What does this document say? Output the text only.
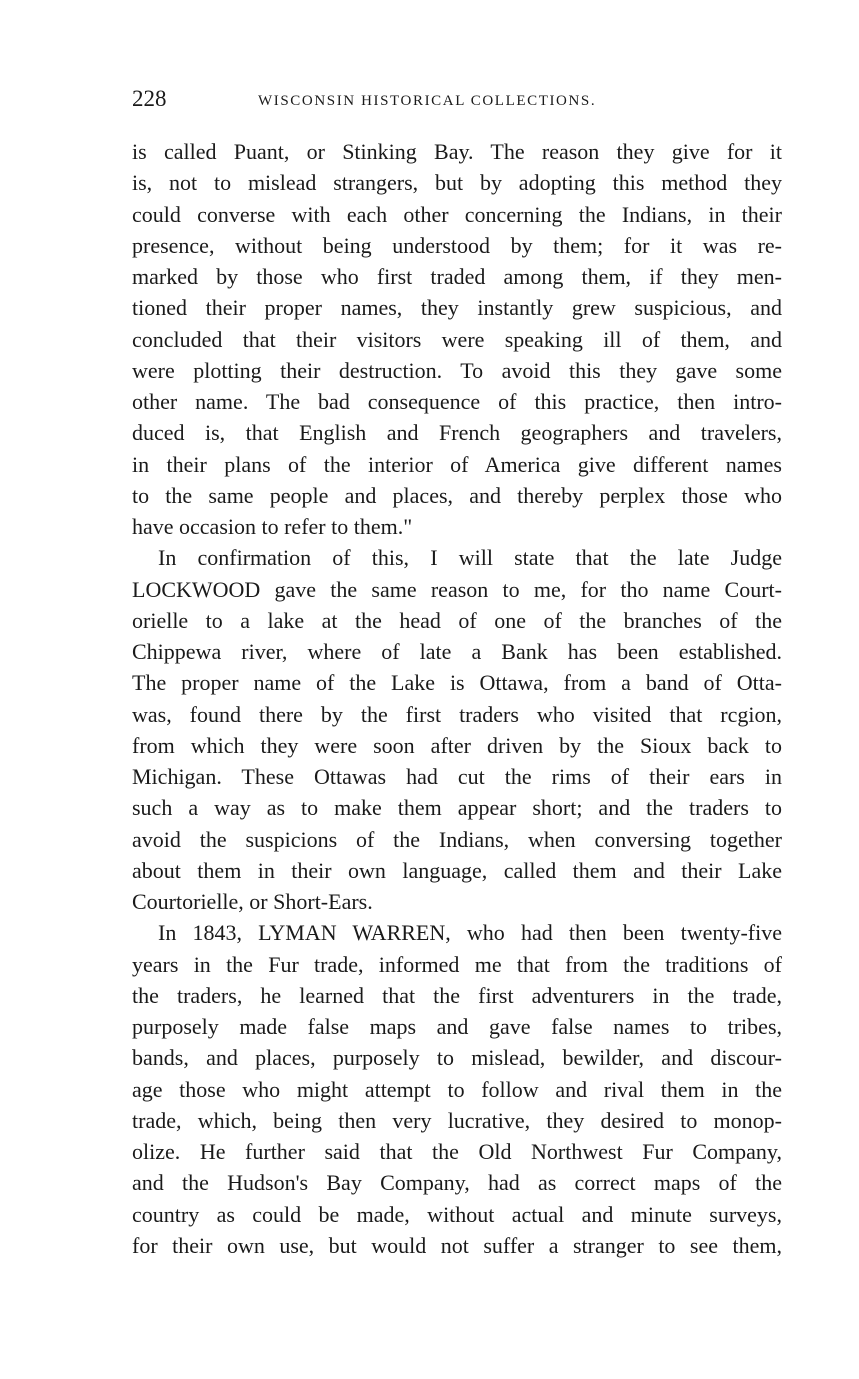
228	WISCONSIN HISTORICAL COLLECTIONS.
is called Puant, or Stinking Bay. The reason they give for it
is, not to mislead strangers, but by adopting this method they
could converse with each other concerning the Indians, in their
presence, without being understood by them; for it was re-
marked by those who first traded among them, if they men-
tioned their proper names, they instantly grew suspicious, and
concluded that their visitors were speaking ill of them, and
were plotting their destruction. To avoid this they gave some
other name. The bad consequence of this practice, then intro-
duced is, that English and French geographers and travelers,
in their plans of the interior of America give different names
to the same people and places, and thereby perplex those who
have occasion to refer to them."
In confirmation of this, I will state that the late Judge
LOCKWOOD gave the same reason to me, for tho name Court-
orielle to a lake at the head of one of the branches of the
Chippewa river, where of late a Bank has been established.
The proper name of the Lake is Ottawa, from a band of Otta-
was, found there by the first traders who visited that rcgion,
from which they were soon after driven by the Sioux back to
Michigan. These Ottawas had cut the rims of their ears in
such a way as to make them appear short; and the traders to
avoid the suspicions of the Indians, when conversing together
about them in their own language, called them and their Lake
Courtorielle, or Short-Ears.
In 1843, LYMAN WARREN, who had then been twenty-five
years in the Fur trade, informed me that from the traditions of
the traders, he learned that the first adventurers in the trade,
purposely made false maps and gave false names to tribes,
bands, and places, purposely to mislead, bewilder, and discour-
age those who might attempt to follow and rival them in the
trade, which, being then very lucrative, they desired to monop-
olize. He further said that the Old Northwest Fur Company,
and the Hudson's Bay Company, had as correct maps of the
country as could be made, without actual and minute surveys,
for their own use, but would not suffer a stranger to see them,
